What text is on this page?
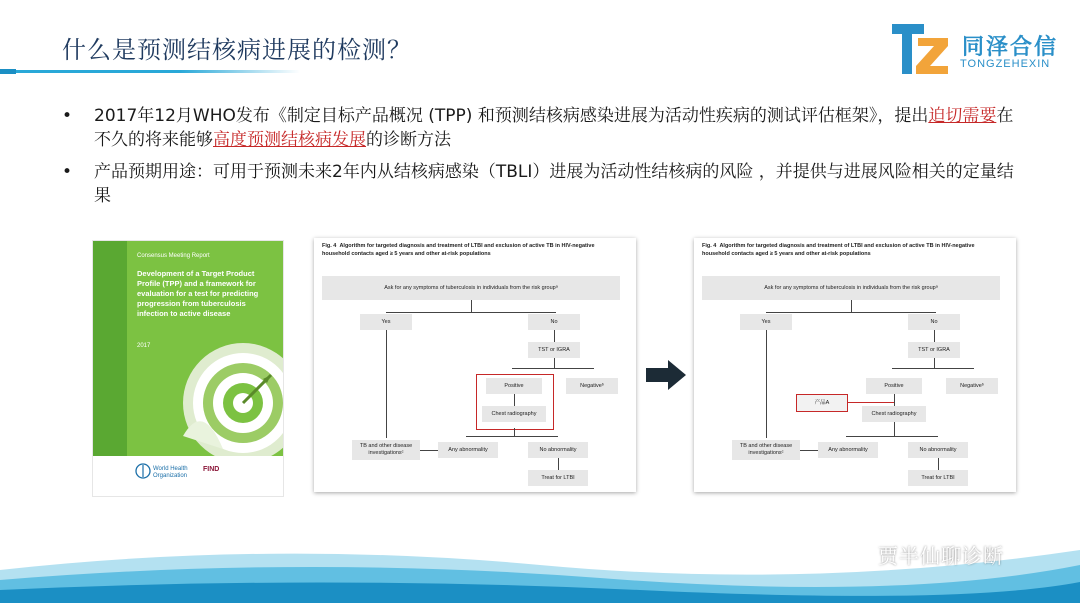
什么是预测结核病进展的检测？	同泽合信
TONGZEHEXIN
• 2017年12月WHO发布《制定目标产品概况 (TPP) 和预测结核病感染进展为活动性疾病的测试评估框架》，提出迫切需要在不久的将来能够高度预测结核病发展的诊断方法
• 产品预期用途：可用于预测未来2年内从结核病感染（TBLI）进展为活动性结核病的风险 ，并提供与进展风险相关的定量结果
Consensus Meeting Report
Development of a Target Product Profile (TPP) and a framework for evaluation for a test for predicting progression from tuberculosis infection to active disease
2017
World Health Organization
FIND
Fig. 4 Algorithm for targeted diagnosis and treatment of LTBI and exclusion of active TB in HIV-negative household contacts aged ≥ 5 years and other at-risk populations
Ask for any symptoms of tuberculosis in individuals from the risk groupᵃ
Yes	No
TST or IGRA
Positive	Negativeᵇ
Chest radiography
TB and other disease investigationsᶜ
Any abnormality	No abnormality
Treat for LTBI
Fig. 4 Algorithm for targeted diagnosis and treatment of LTBI and exclusion of active TB in HIV-negative household contacts aged ≥ 5 years and other at-risk populations
Ask for any symptoms of tuberculosis in individuals from the risk groupᵃ
Yes	No
TST or IGRA
Positive	Negativeᵇ
Chest radiography
产品A
TB and other disease investigationsᶜ
Any abnormality	No abnormality
Treat for LTBI
贾半仙聊诊断
